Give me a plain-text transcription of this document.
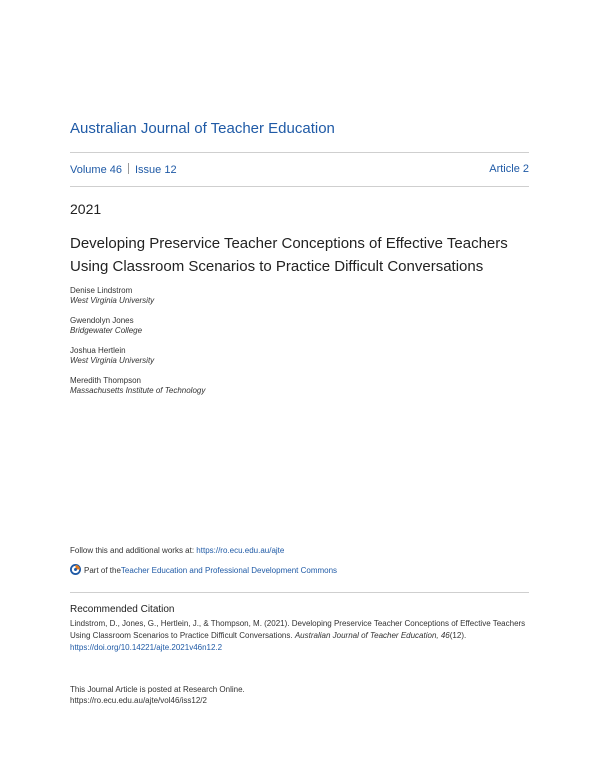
Australian Journal of Teacher Education
Volume 46 Issue 12	Article 2
2021
Developing Preservice Teacher Conceptions of Effective Teachers
Using Classroom Scenarios to Practice Difficult Conversations
Denise Lindstrom
West Virginia University
Gwendolyn Jones
Bridgewater College
Joshua Hertlein
West Virginia University
Meredith Thompson
Massachusetts Institute of Technology
Follow this and additional works at: https://ro.ecu.edu.au/ajte
Part of the Teacher Education and Professional Development Commons
Recommended Citation
Lindstrom, D., Jones, G., Hertlein, J., & Thompson, M. (2021). Developing Preservice Teacher Conceptions of Effective Teachers Using Classroom Scenarios to Practice Difficult Conversations. Australian Journal of Teacher Education, 46(12). https://doi.org/10.14221/ajte.2021v46n12.2
This Journal Article is posted at Research Online.
https://ro.ecu.edu.au/ajte/vol46/iss12/2
